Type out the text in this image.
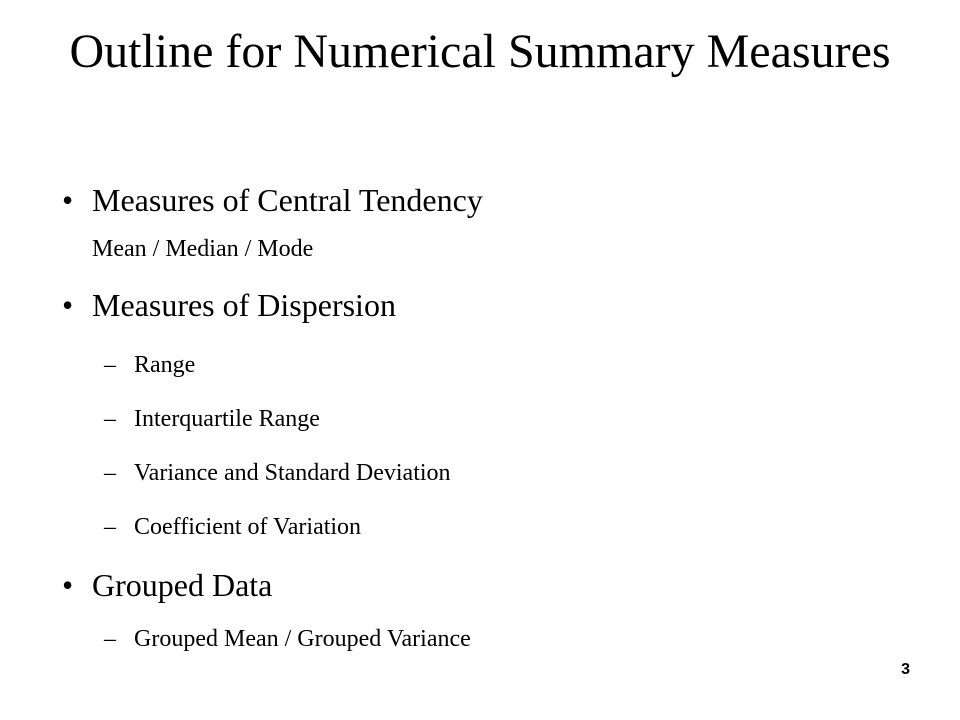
Outline for Numerical Summary Measures
• Measures of Central Tendency
Mean / Median / Mode
• Measures of Dispersion
– Range
– Interquartile Range
– Variance and Standard Deviation
– Coefficient of Variation
• Grouped Data
– Grouped Mean / Grouped Variance
3
